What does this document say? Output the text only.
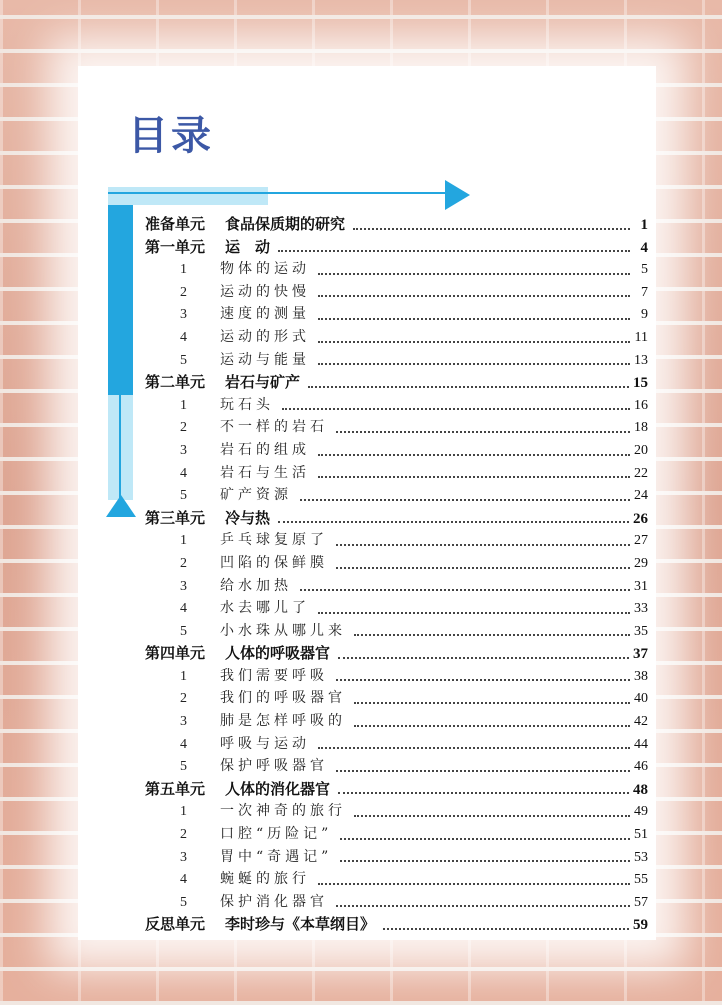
目录
准备单元 食品保质期的研究	1
第一单元 运　动	4
1	物体的运动	5
2	运动的快慢	7
3	速度的测量	9
4	运动的形式	11
5	运动与能量	13
第二单元 岩石与矿产	15
1	玩石头	16
2	不一样的岩石	18
3	岩石的组成	20
4	岩石与生活	22
5	矿产资源	24
第三单元 冷与热	26
1	乒乓球复原了	27
2	凹陷的保鲜膜	29
3	给水加热	31
4	水去哪儿了	33
5	小水珠从哪儿来	35
第四单元 人体的呼吸器官	37
1	我们需要呼吸	38
2	我们的呼吸器官	40
3	肺是怎样呼吸的	42
4	呼吸与运动	44
5	保护呼吸器官	46
第五单元 人体的消化器官	48
1	一次神奇的旅行	49
2	口腔“历险记”	51
3	胃中“奇遇记”	53
4	蜿蜒的旅行	55
5	保护消化器官	57
反思单元 李时珍与《本草纲目》	59
